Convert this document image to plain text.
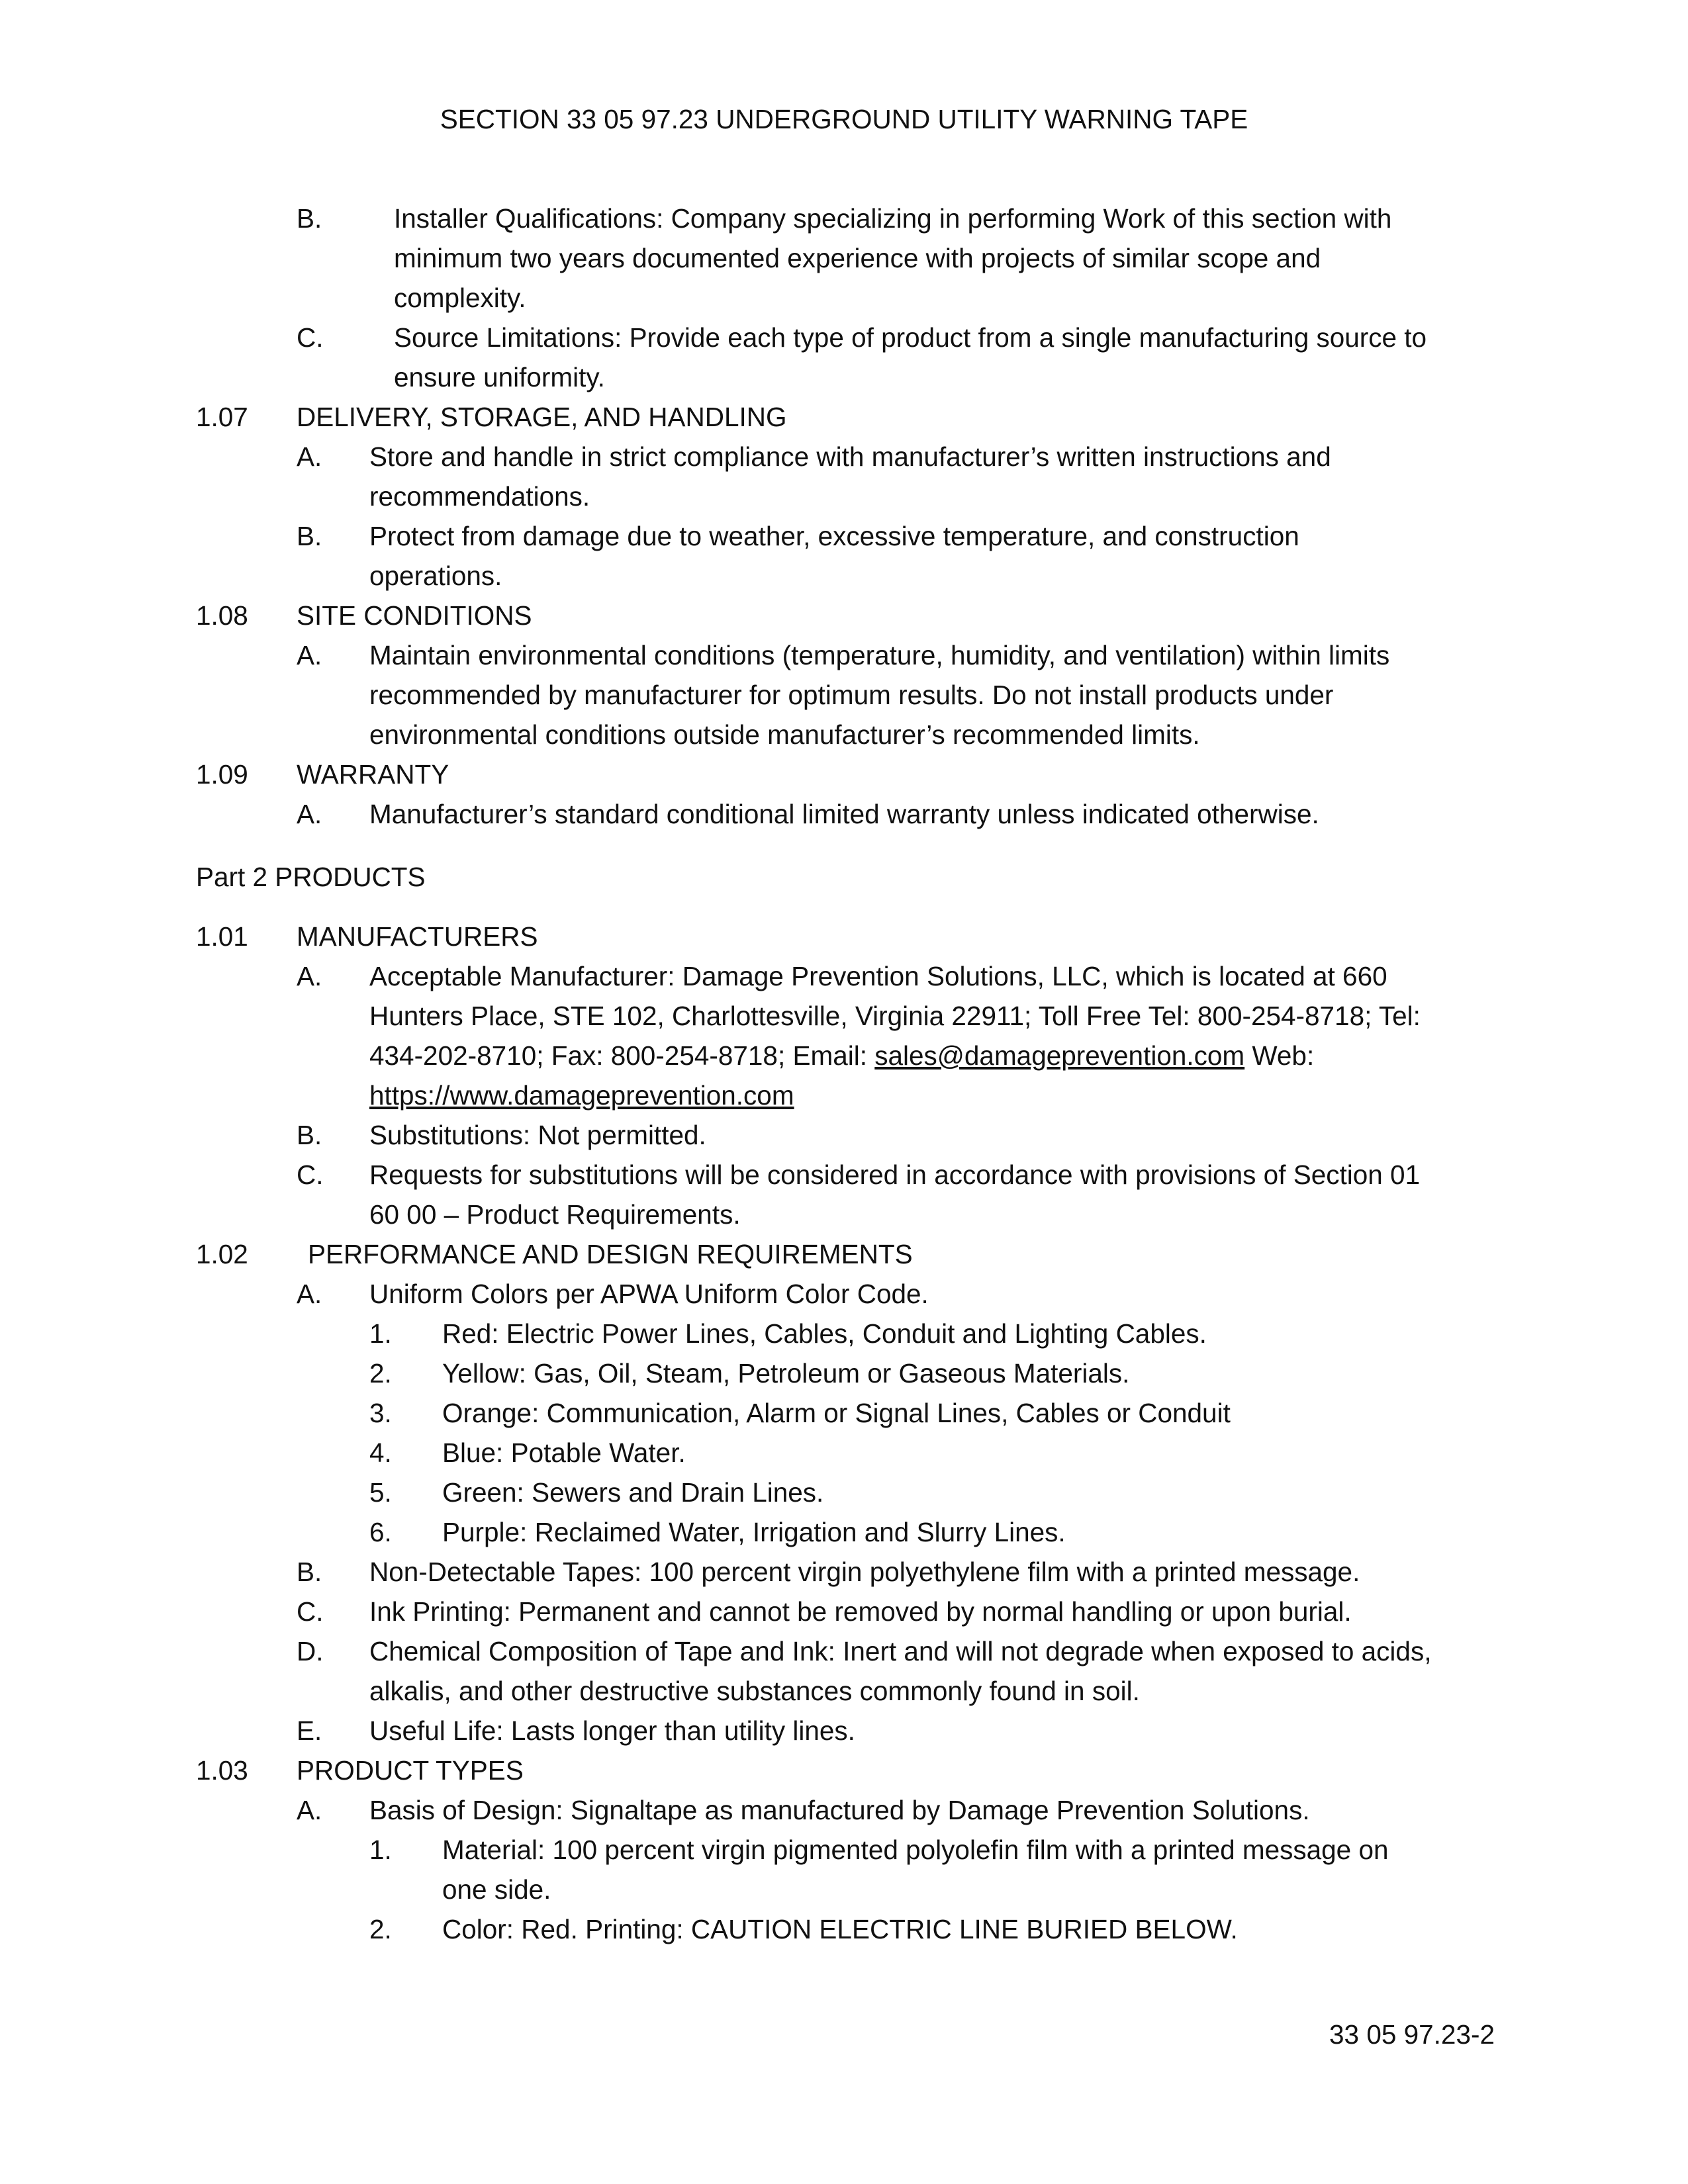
SECTION 33 05 97.23 UNDERGROUND UTILITY WARNING TAPE
B.	Installer Qualifications: Company specializing in performing Work of this section with
minimum two years documented experience with projects of similar scope and
complexity.
C.	Source Limitations: Provide each type of product from a single manufacturing source to
ensure uniformity.
1.07 DELIVERY, STORAGE, AND HANDLING
A. Store and handle in strict compliance with manufacturer’s written instructions and
recommendations.
B. Protect from damage due to weather, excessive temperature, and construction
operations.
1.08 SITE CONDITIONS
A. Maintain environmental conditions (temperature, humidity, and ventilation) within limits
recommended by manufacturer for optimum results. Do not install products under
environmental conditions outside manufacturer’s recommended limits.
1.09 WARRANTY
A. Manufacturer’s standard conditional limited warranty unless indicated otherwise.
Part 2 PRODUCTS
1.01 MANUFACTURERS
A. Acceptable Manufacturer: Damage Prevention Solutions, LLC, which is located at 660
Hunters Place, STE 102, Charlottesville, Virginia 22911; Toll Free Tel: 800-254-8718; Tel:
434-202-8710; Fax: 800-254-8718; Email: sales@damageprevention.com Web:
https://www.damageprevention.com
B. Substitutions: Not permitted.
C. Requests for substitutions will be considered in accordance with provisions of Section 01
60 00 – Product Requirements.
1.02 PERFORMANCE AND DESIGN REQUIREMENTS
A. Uniform Colors per APWA Uniform Color Code.
1. Red: Electric Power Lines, Cables, Conduit and Lighting Cables.
2. Yellow: Gas, Oil, Steam, Petroleum or Gaseous Materials.
3. Orange: Communication, Alarm or Signal Lines, Cables or Conduit
4. Blue: Potable Water.
5. Green: Sewers and Drain Lines.
6. Purple: Reclaimed Water, Irrigation and Slurry Lines.
B. Non-Detectable Tapes: 100 percent virgin polyethylene film with a printed message.
C. Ink Printing: Permanent and cannot be removed by normal handling or upon burial.
D. Chemical Composition of Tape and Ink: Inert and will not degrade when exposed to acids,
alkalis, and other destructive substances commonly found in soil.
E. Useful Life: Lasts longer than utility lines.
1.03 PRODUCT TYPES
A. Basis of Design: Signaltape as manufactured by Damage Prevention Solutions.
1. Material: 100 percent virgin pigmented polyolefin film with a printed message on
one side.
2. Color: Red. Printing: CAUTION ELECTRIC LINE BURIED BELOW.
33 05 97.23-2
